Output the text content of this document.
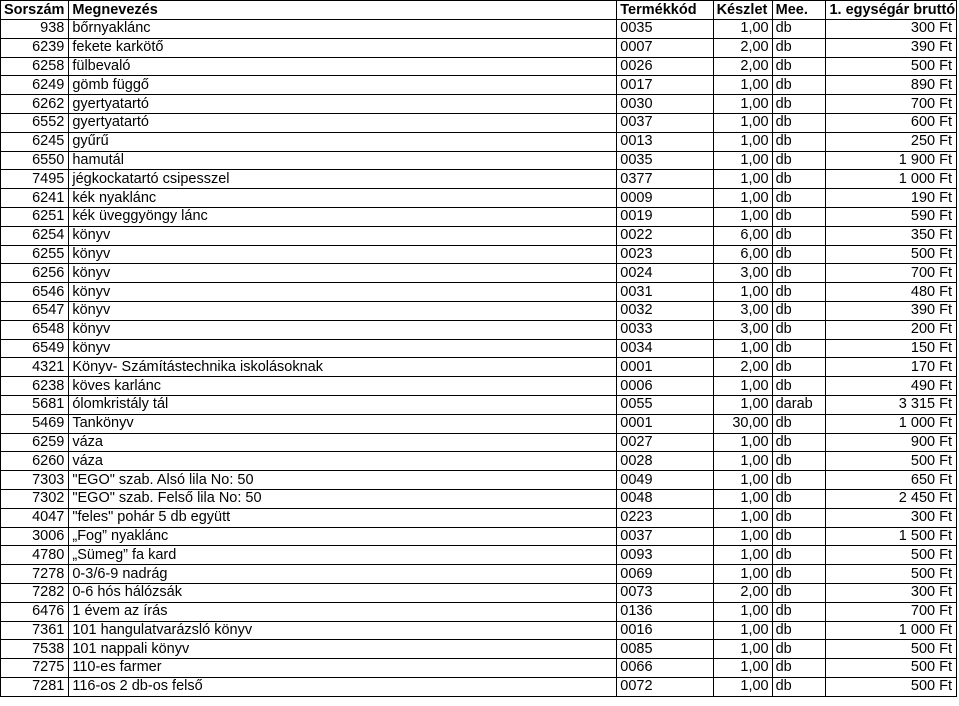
Sorszám	Megnevezés	Termékkód	Készlet	Mee.	1. egységár bruttó
938	bőrnyaklánc	0035	1,00	db	300 Ft
6239	fekete karkötő	0007	2,00	db	390 Ft
6258	fülbevaló	0026	2,00	db	500 Ft
6249	gömb függő	0017	1,00	db	890 Ft
6262	gyertyatartó	0030	1,00	db	700 Ft
6552	gyertyatartó	0037	1,00	db	600 Ft
6245	gyűrű	0013	1,00	db	250 Ft
6550	hamutál	0035	1,00	db	1 900 Ft
7495	jégkockatartó csipesszel	0377	1,00	db	1 000 Ft
6241	kék nyaklánc	0009	1,00	db	190 Ft
6251	kék üveggyöngy lánc	0019	1,00	db	590 Ft
6254	könyv	0022	6,00	db	350 Ft
6255	könyv	0023	6,00	db	500 Ft
6256	könyv	0024	3,00	db	700 Ft
6546	könyv	0031	1,00	db	480 Ft
6547	könyv	0032	3,00	db	390 Ft
6548	könyv	0033	3,00	db	200 Ft
6549	könyv	0034	1,00	db	150 Ft
4321	Könyv- Számítástechnika iskolásoknak	0001	2,00	db	170 Ft
6238	köves karlánc	0006	1,00	db	490 Ft
5681	ólomkristály tál	0055	1,00	darab	3 315 Ft
5469	Tankönyv	0001	30,00	db	1 000 Ft
6259	váza	0027	1,00	db	900 Ft
6260	váza	0028	1,00	db	500 Ft
7303	"EGO" szab. Alsó lila No: 50	0049	1,00	db	650 Ft
7302	"EGO" szab. Felső lila No: 50	0048	1,00	db	2 450 Ft
4047	"feles" pohár 5 db együtt	0223	1,00	db	300 Ft
3006	„Fog” nyaklánc	0037	1,00	db	1 500 Ft
4780	„Sümeg” fa kard	0093	1,00	db	500 Ft
7278	0-3/6-9 nadrág	0069	1,00	db	500 Ft
7282	0-6 hós hálózsák	0073	2,00	db	300 Ft
6476	1 évem az írás	0136	1,00	db	700 Ft
7361	101 hangulatvarázsló könyv	0016	1,00	db	1 000 Ft
7538	101 nappali könyv	0085	1,00	db	500 Ft
7275	110-es farmer	0066	1,00	db	500 Ft
7281	116-os 2 db-os felső	0072	1,00	db	500 Ft
